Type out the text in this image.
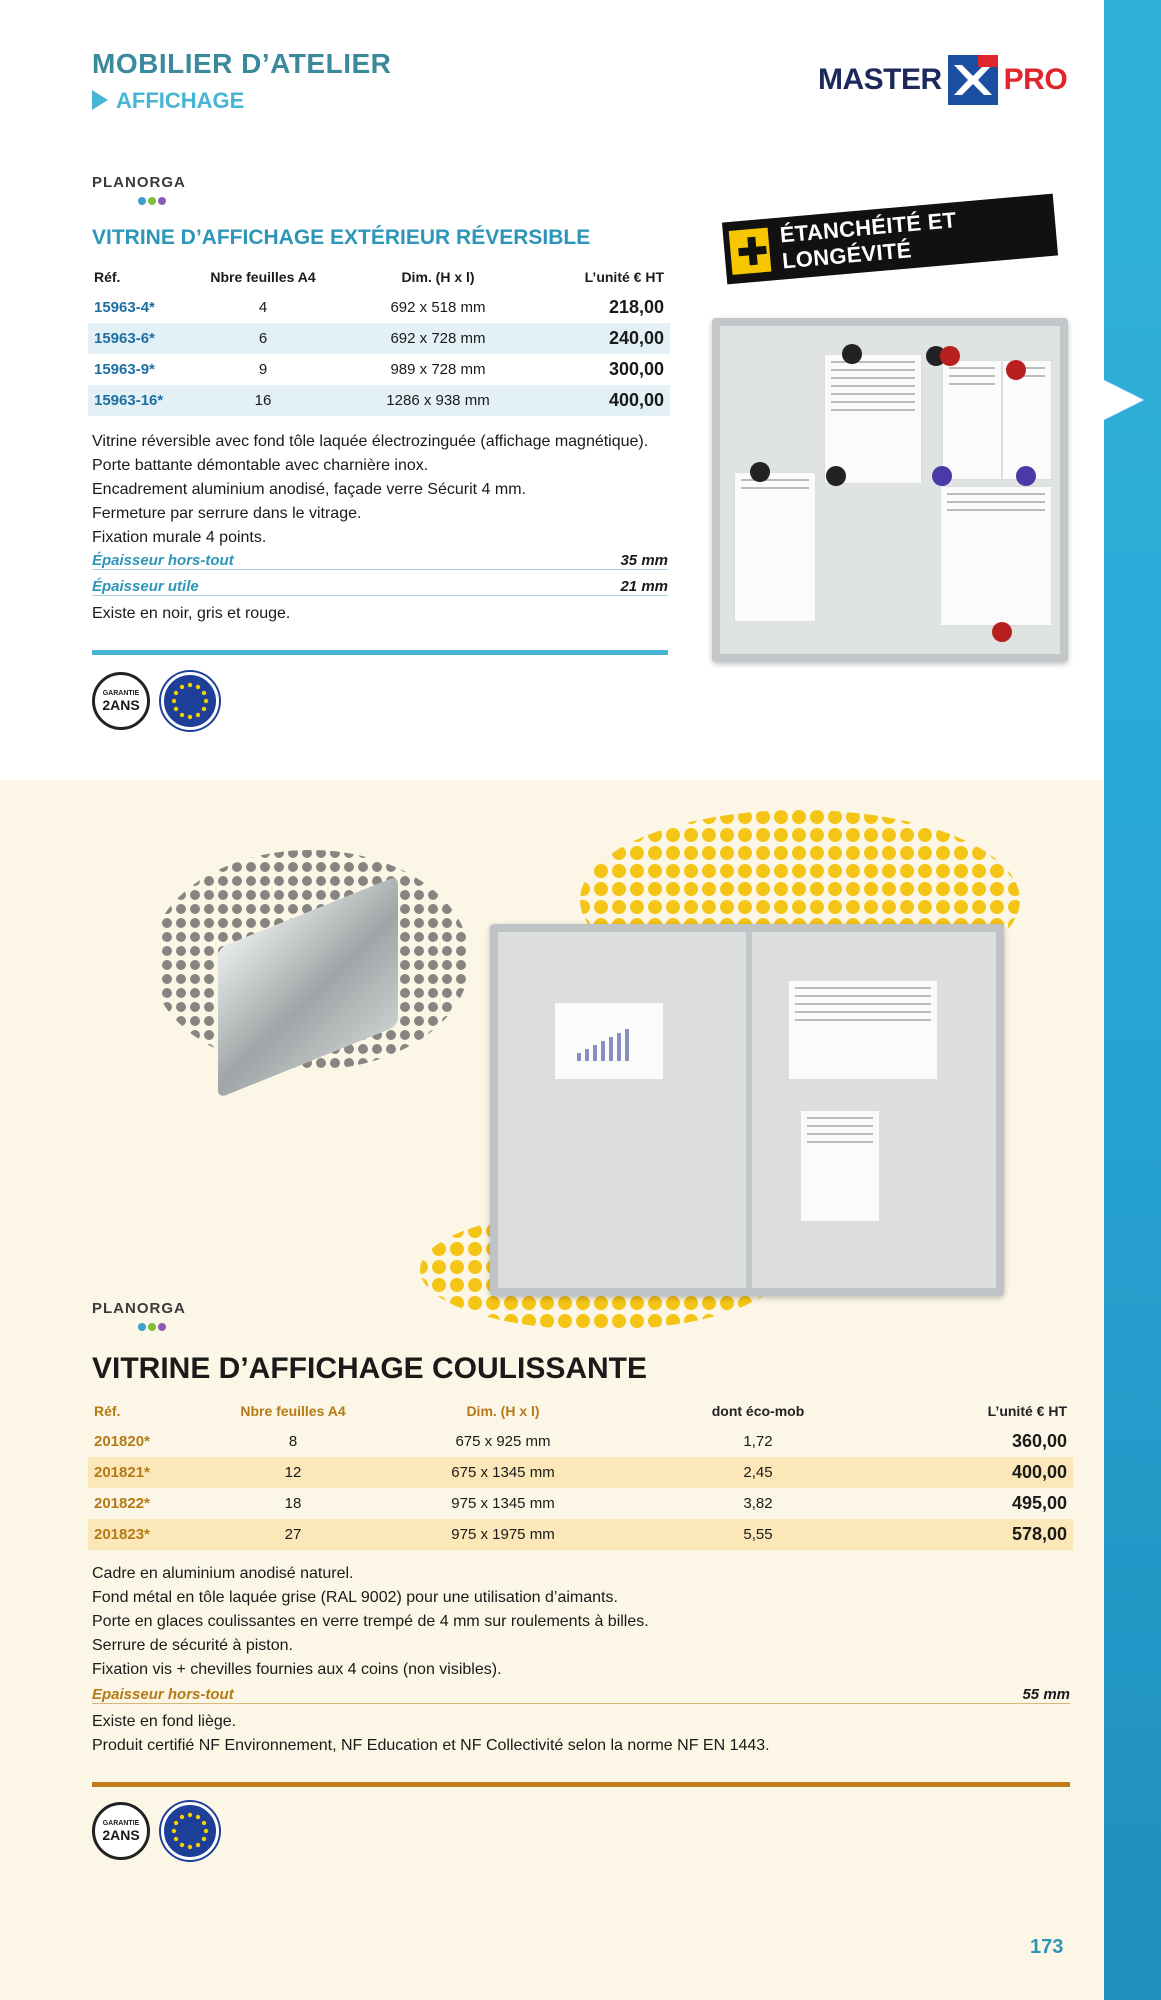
MOBILIER D’ATELIER
AFFICHAGE
MASTER PRO
PLANORGA
VITRINE D’AFFICHAGE EXTÉRIEUR RÉVERSIBLE
Réf.	Nbre feuilles A4	Dim. (H x l)	L’unité € HT
15963-4*	4	692 x 518 mm	218,00
15963-6*	6	692 x 728 mm	240,00
15963-9*	9	989 x 728 mm	300,00
15963-16*	16	1286 x 938 mm	400,00
Vitrine réversible avec fond tôle laquée électrozinguée (affichage magnétique).
Porte battante démontable avec charnière inox.
Encadrement aluminium anodisé, façade verre Sécurit 4 mm.
Fermeture par serrure dans le vitrage.
Fixation murale 4 points.
Épaisseur hors-tout	35 mm
Épaisseur utile	21 mm
Existe en noir, gris et rouge.
GARANTIE
2ANS
ÉTANCHÉITÉ ET LONGÉVITÉ
PLANORGA
VITRINE D’AFFICHAGE COULISSANTE
Réf.	Nbre feuilles A4	Dim. (H x l)	dont éco-mob	L’unité € HT
201820*	8	675 x 925 mm	1,72	360,00
201821*	12	675 x 1345 mm	2,45	400,00
201822*	18	975 x 1345 mm	3,82	495,00
201823*	27	975 x 1975 mm	5,55	578,00
Cadre en aluminium anodisé naturel.
Fond métal en tôle laquée grise (RAL 9002) pour une utilisation d’aimants.
Porte en glaces coulissantes en verre trempé de 4 mm sur roulements à billes.
Serrure de sécurité à piston.
Fixation vis + chevilles fournies aux 4 coins (non visibles).
Epaisseur hors-tout	55 mm
Existe en fond liège.
Produit certifié NF Environnement, NF Education et NF Collectivité selon la norme NF EN 1443.
GARANTIE
2ANS
173
